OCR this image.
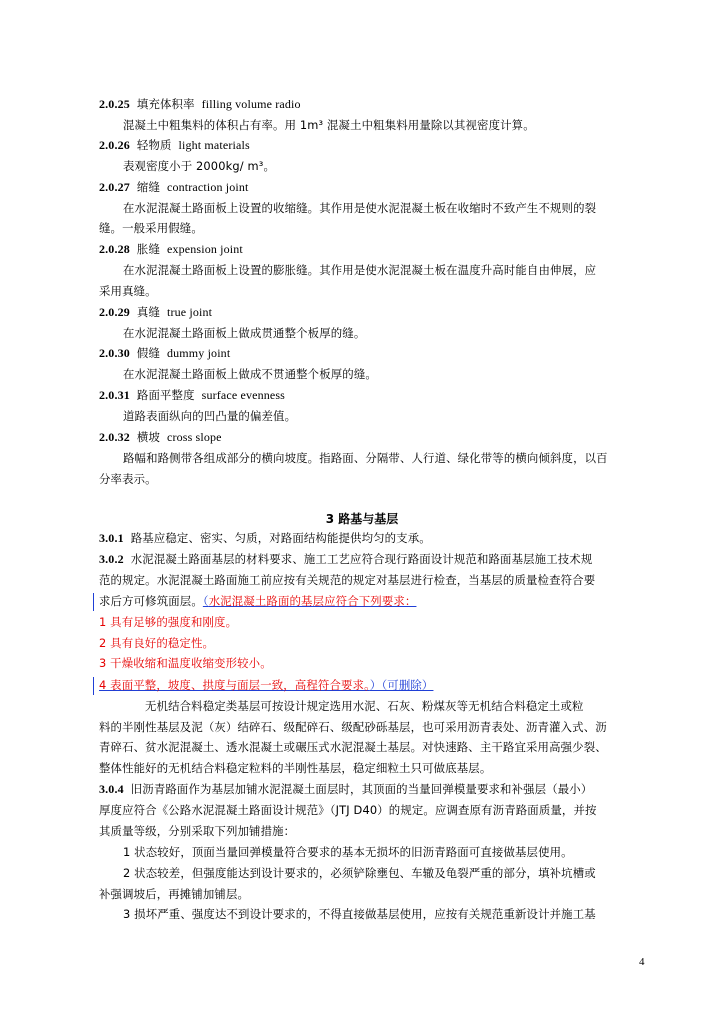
2.0.25 填充体积率 filling volume radio
混凝土中粗集料的体积占有率。用 1m³ 混凝土中粗集料用量除以其视密度计算。
2.0.26 轻物质 light materials
表观密度小于 2000kg/ m³。
2.0.27 缩缝 contraction joint
在水泥混凝土路面板上设置的收缩缝。其作用是使水泥混凝土板在收缩时不致产生不规则的裂
缝。一般采用假缝。
2.0.28 胀缝 expension joint
在水泥混凝土路面板上设置的膨胀缝。其作用是使水泥混凝土板在温度升高时能自由伸展，应
采用真缝。
2.0.29 真缝 true joint
在水泥混凝土路面板上做成贯通整个板厚的缝。
2.0.30 假缝 dummy joint
在水泥混凝土路面板上做成不贯通整个板厚的缝。
2.0.31 路面平整度 surface evenness
道路表面纵向的凹凸量的偏差值。
2.0.32 横坡 cross slope
路幅和路侧带各组成部分的横向坡度。指路面、分隔带、人行道、绿化带等的横向倾斜度，以百
分率表示。
3 路基与基层
3.0.1 路基应稳定、密实、匀质，对路面结构能提供均匀的支承。
3.0.2 水泥混凝土路面基层的材料要求、施工工艺应符合现行路面设计规范和路面基层施工技术规
范的规定。水泥混凝土路面施工前应按有关规范的规定对基层进行检查，当基层的质量检查符合要
求后方可修筑面层。（水泥混凝土路面的基层应符合下列要求：
1 具有足够的强度和刚度。
2 具有良好的稳定性。
3 干燥收缩和温度收缩变形较小。
4 表面平整，坡度、拱度与面层一致，高程符合要求。）（可删除）
无机结合料稳定类基层可按设计规定选用水泥、石灰、粉煤灰等无机结合料稳定土或粒
料的半刚性基层及泥（灰）结碎石、级配碎石、级配砂砾基层，也可采用沥青表处、沥青灌入式、沥
青碎石、贫水泥混凝土、透水混凝土或碾压式水泥混凝土基层。对快速路、主干路宜采用高强少裂、
整体性能好的无机结合料稳定粒料的半刚性基层，稳定细粒土只可做底基层。
3.0.4 旧沥青路面作为基层加铺水泥混凝土面层时，其顶面的当量回弹模量要求和补强层（最小）
厚度应符合《公路水泥混凝土路面设计规范》（JTJ D40）的规定。应调查原有沥青路面质量，并按
其质量等级，分别采取下列加铺措施：
1 状态较好，顶面当量回弹模量符合要求的基本无损坏的旧沥青路面可直接做基层使用。
2 状态较差，但强度能达到设计要求的，必须铲除壅包、车辙及龟裂严重的部分，填补坑槽或
补强调坡后，再摊铺加铺层。
3 损坏严重、强度达不到设计要求的，不得直接做基层使用，应按有关规范重新设计并施工基
4
